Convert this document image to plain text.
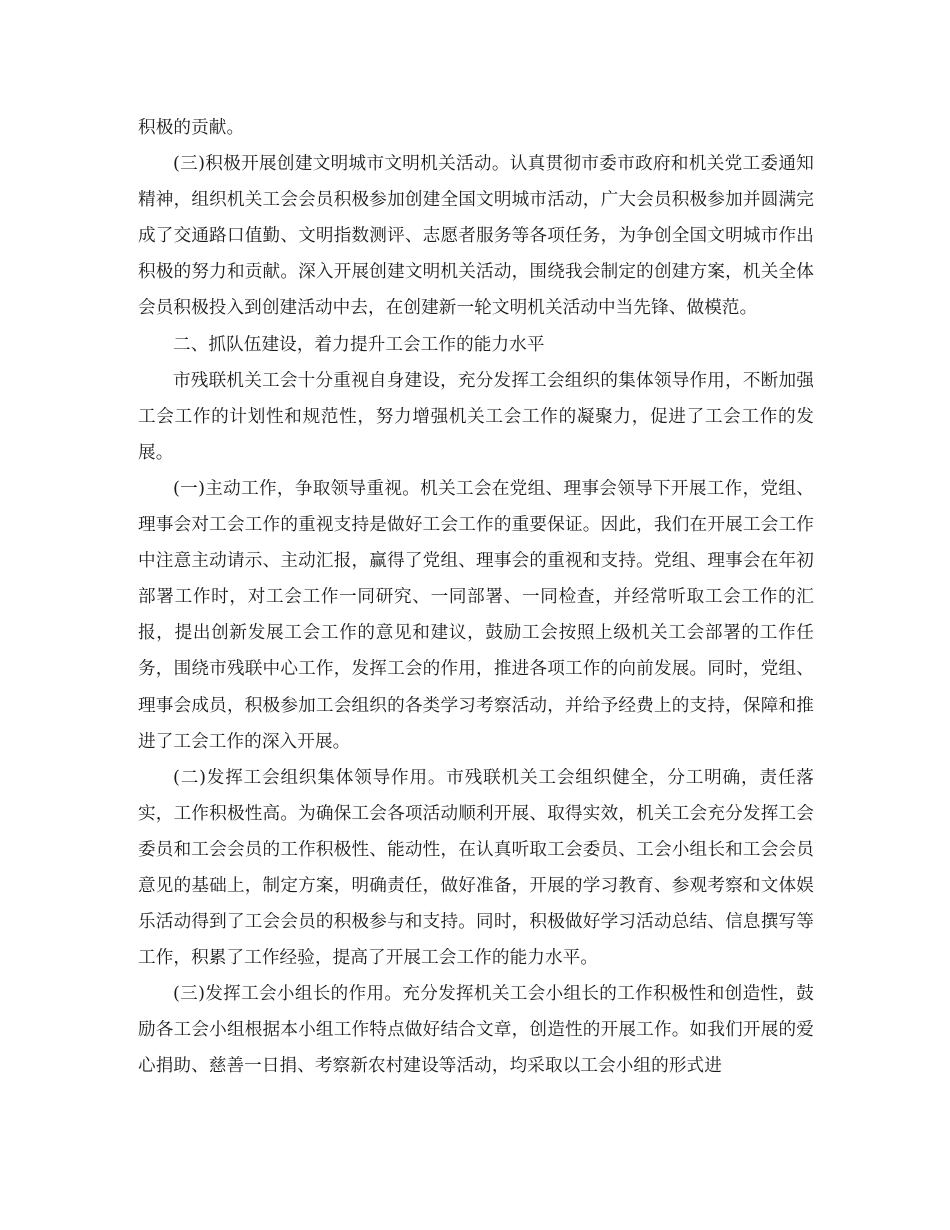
积极的贡献。

(三)积极开展创建文明城市文明机关活动。认真贯彻市委市政府和机关党工委通知精神，组织机关工会会员积极参加创建全国文明城市活动，广大会员积极参加并圆满完成了交通路口值勤、文明指数测评、志愿者服务等各项任务，为争创全国文明城市作出积极的努力和贡献。深入开展创建文明机关活动，围绕我会制定的创建方案，机关全体会员积极投入到创建活动中去，在创建新一轮文明机关活动中当先锋、做模范。

二、抓队伍建设，着力提升工会工作的能力水平

市残联机关工会十分重视自身建设，充分发挥工会组织的集体领导作用，不断加强工会工作的计划性和规范性，努力增强机关工会工作的凝聚力，促进了工会工作的发展。

(一)主动工作，争取领导重视。机关工会在党组、理事会领导下开展工作，党组、理事会对工会工作的重视支持是做好工会工作的重要保证。因此，我们在开展工会工作中注意主动请示、主动汇报，赢得了党组、理事会的重视和支持。党组、理事会在年初部署工作时，对工会工作一同研究、一同部署、一同检查，并经常听取工会工作的汇报，提出创新发展工会工作的意见和建议，鼓励工会按照上级机关工会部署的工作任务，围绕市残联中心工作，发挥工会的作用，推进各项工作的向前发展。同时，党组、理事会成员，积极参加工会组织的各类学习考察活动，并给予经费上的支持，保障和推进了工会工作的深入开展。

(二)发挥工会组织集体领导作用。市残联机关工会组织健全，分工明确，责任落实，工作积极性高。为确保工会各项活动顺利开展、取得实效，机关工会充分发挥工会委员和工会会员的工作积极性、能动性，在认真听取工会委员、工会小组长和工会会员意见的基础上，制定方案，明确责任，做好准备，开展的学习教育、参观考察和文体娱乐活动得到了工会会员的积极参与和支持。同时，积极做好学习活动总结、信息撰写等工作，积累了工作经验，提高了开展工会工作的能力水平。

(三)发挥工会小组长的作用。充分发挥机关工会小组长的工作积极性和创造性，鼓励各工会小组根据本小组工作特点做好结合文章，创造性的开展工作。如我们开展的爱心捐助、慈善一日捐、考察新农村建设等活动，均采取以工会小组的形式进
